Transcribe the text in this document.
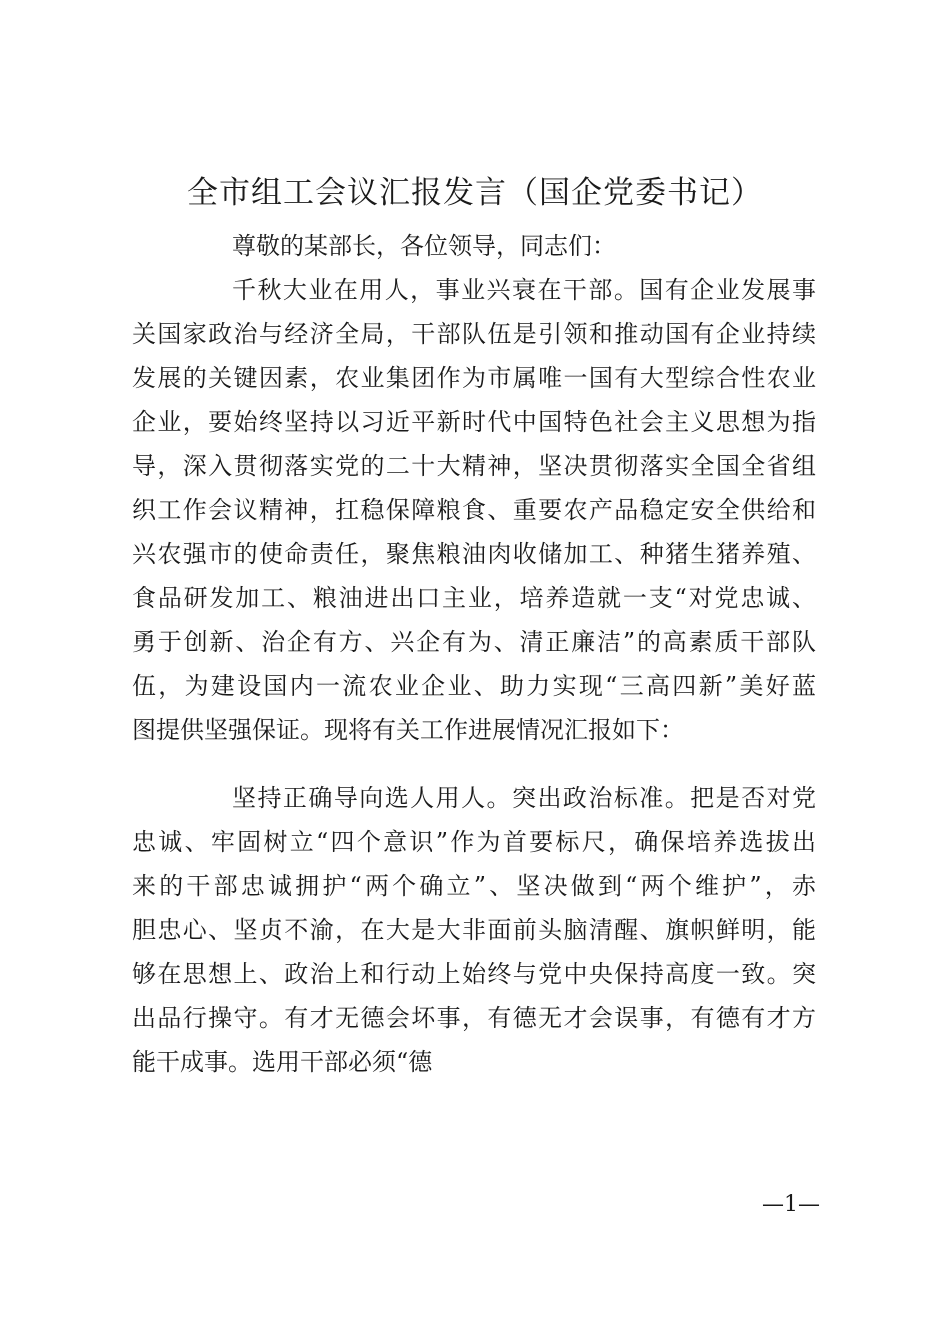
全市组工会议汇报发言（国企党委书记）
尊敬的某部长，各位领导，同志们：
千秋大业在用人，事业兴衰在干部。国有企业发展事
关国家政治与经济全局，干部队伍是引领和推动国有企业持续
发展的关键因素，农业集团作为市属唯一国有大型综合性农业
企业，要始终坚持以习近平新时代中国特色社会主义思想为指
导，深入贯彻落实党的二十大精神，坚决贯彻落实全国全省组
织工作会议精神，扛稳保障粮食、重要农产品稳定安全供给和
兴农强市的使命责任，聚焦粮油肉收储加工、种猪生猪养殖、
食品研发加工、粮油进出口主业，培养造就一支“对党忠诚、
勇于创新、治企有方、兴企有为、清正廉洁”的高素质干部队
伍，为建设国内一流农业企业、助力实现“三高四新”美好蓝
图提供坚强保证。现将有关工作进展情况汇报如下：
坚持正确导向选人用人。突出政治标准。把是否对党
忠诚、牢固树立“四个意识”作为首要标尺，确保培养选拔出
来的干部忠诚拥护“两个确立”、坚决做到“两个维护”，赤
胆忠心、坚贞不渝，在大是大非面前头脑清醒、旗帜鲜明，能
够在思想上、政治上和行动上始终与党中央保持高度一致。突
出品行操守。有才无德会坏事，有德无才会误事，有德有才方
能干成事。选用干部必须“德
—1—
